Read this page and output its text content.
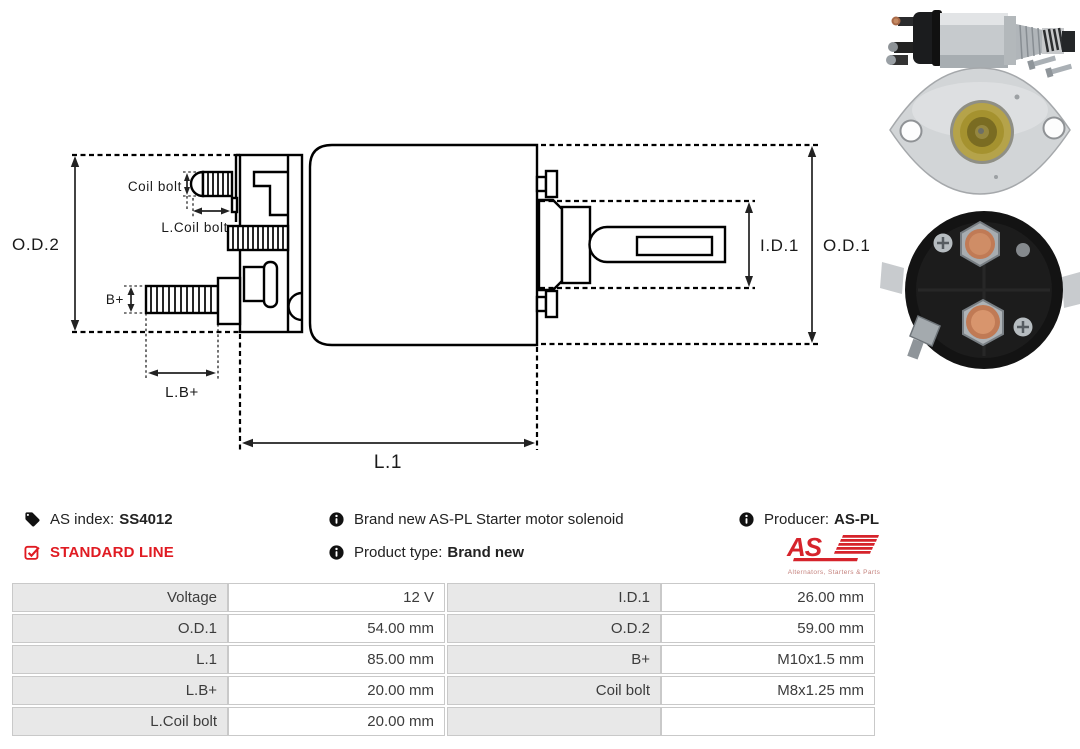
O.D.2
Coil bolt
L.Coil bolt
B+
L.B+
I.D.1 O.D.1
L.1
AS index: SS4012
STANDARD LINE
Brand new AS-PL Starter motor solenoid
Product type: Brand new
Producer: AS-PL
AS
Alternators, Starters & Parts
Voltage	12 V	I.D.1	26.00 mm
O.D.1	54.00 mm	O.D.2	59.00 mm
L.1	85.00 mm	B+	M10x1.5 mm
L.B+	20.00 mm	Coil bolt	M8x1.25 mm
L.Coil bolt	20.00 mm
